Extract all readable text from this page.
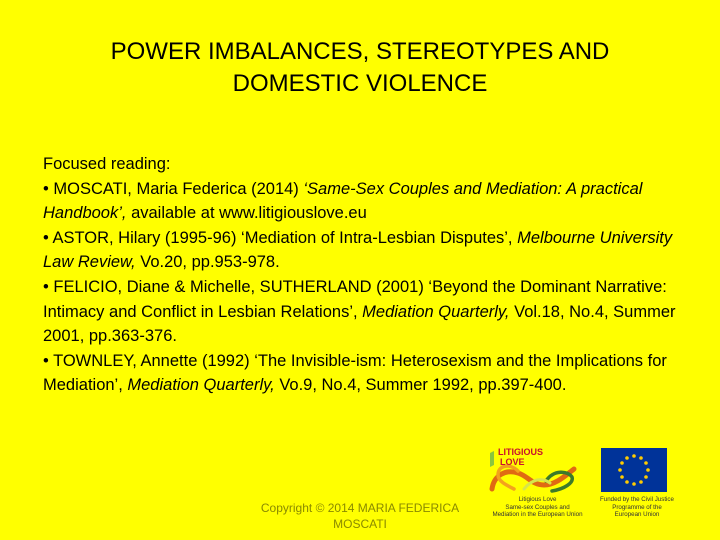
POWER IMBALANCES, STEREOTYPES AND
DOMESTIC VIOLENCE

Focused reading:

• MOSCATI, Maria Federica (2014) ‘Same-Sex Couples and Mediation: A practical Handbook’, available at www.litigiouslove.eu

• ASTOR, Hilary (1995-96) ‘Mediation of Intra-Lesbian Disputes’, Melbourne University Law Review, Vo.20, pp.953-978.

• FELICIO, Diane & Michelle, SUTHERLAND (2001) ‘Beyond the Dominant Narrative: Intimacy and Conflict in Lesbian Relations’, Mediation Quarterly, Vol.18, No.4, Summer 2001, pp.363-376.

• TOWNLEY, Annette (1992) ‘The Invisible-ism: Heterosexism and the Implications for Mediation’, Mediation Quarterly, Vo.9, No.4, Summer 1992, pp.397-400.

Copyright © 2014 MARIA FEDERICA
MOSCATI
LITIGIOUS
LOVE
Litigious Love
Same-sex Couples and
Mediation in the European Union
Funded by the Civil Justice
Programme of the
European Union
